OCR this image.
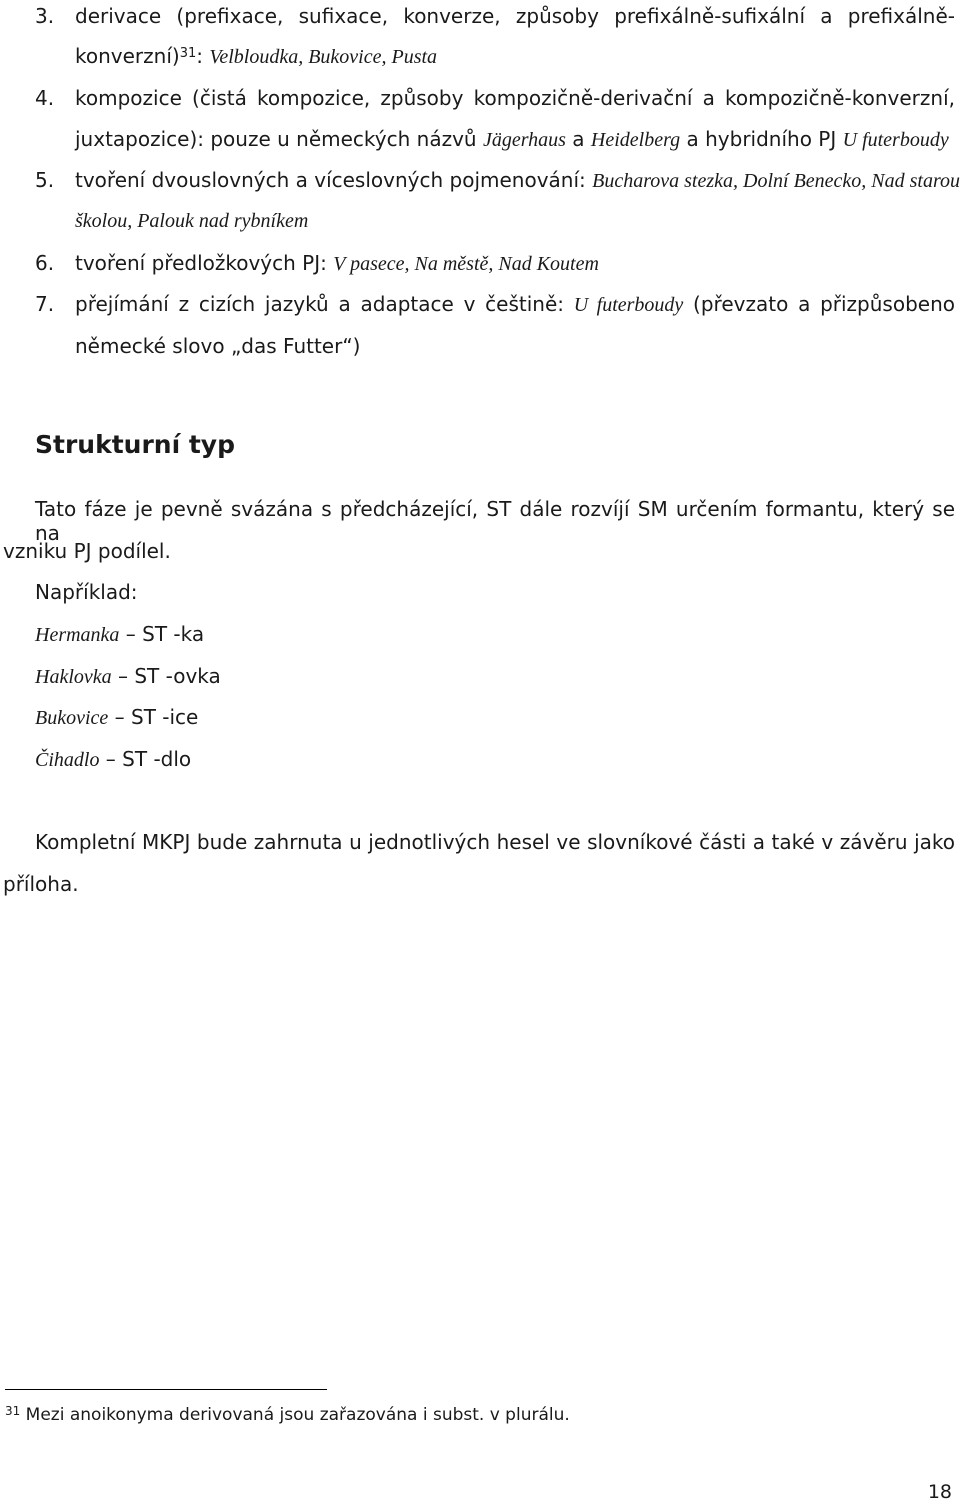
3. derivace (prefixace, sufixace, konverze, způsoby prefixálně-sufixální a prefixálně-
konverzní)$^{31}$: Velbloudka, Bukovice, Pusta
4. kompozice (čistá kompozice, způsoby kompozičně-derivační a kompozičně-konverzní,
juxtapozice): pouze u německých názvů Jägerhaus a Heidelberg a hybridního PJ U futerboudy
5. tvoření dvouslovných a víceslovných pojmenování: Bucharova stezka, Dolní Benecko, Nad starou
školou, Palouk nad rybníkem
6. tvoření předložkových PJ: V pasece, Na městě, Nad Koutem
7. přejímání z cizích jazyků a adaptace v češtině: U futerboudy (převzato a přizpůsobeno
německé slovo „das Futter“)
Strukturní typ
Tato fáze je pevně svázána s předcházející, ST dále rozvíjí SM určením formantu, který se na
vzniku PJ podílel.
Například:
Hermanka – ST -ka
Haklovka – ST -ovka
Bukovice – ST -ice
Čihadlo – ST -dlo
Kompletní MKPJ bude zahrnuta u jednotlivých hesel ve slovníkové části a také v závěru jako
příloha.
$^{31}$ Mezi anoikonyma derivovaná jsou zařazována i subst. v plurálu.
18
